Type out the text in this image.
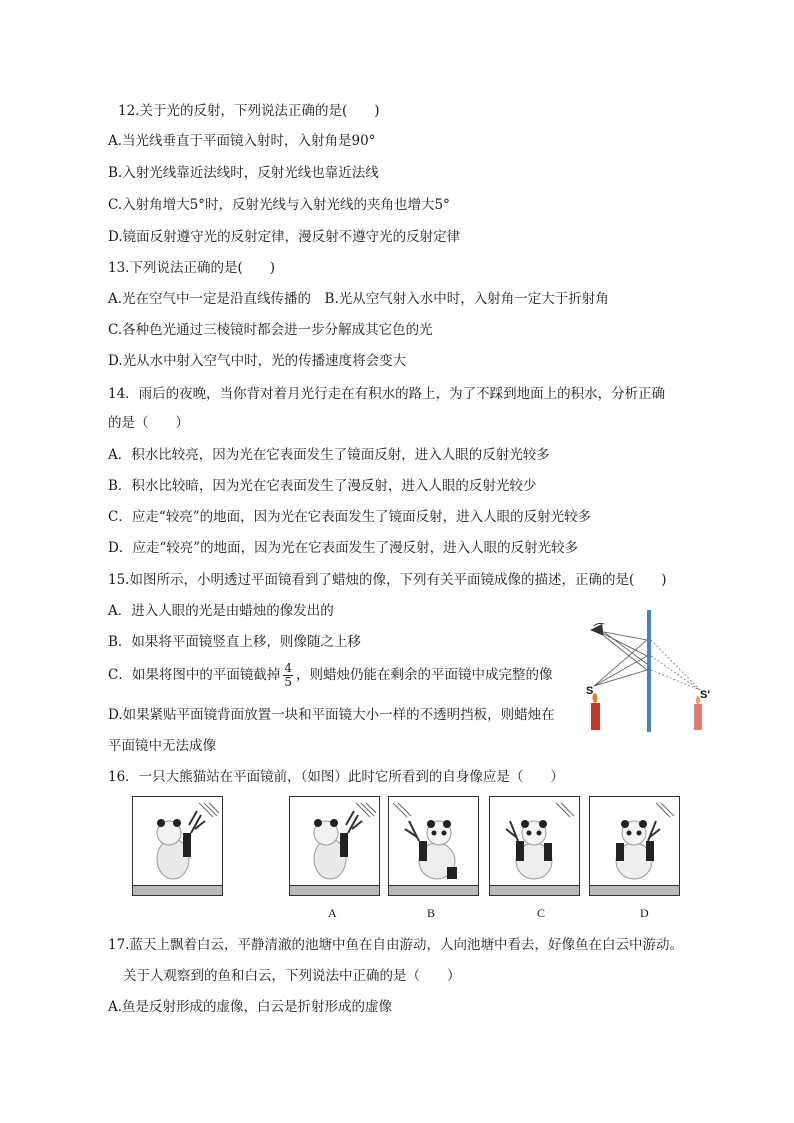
12.关于光的反射，下列说法正确的是(　　)
A.当光线垂直于平面镜入射时，入射角是90°
B.入射光线靠近法线时，反射光线也靠近法线
C.入射角增大5°时，反射光线与入射光线的夹角也增大5°
D.镜面反射遵守光的反射定律，漫反射不遵守光的反射定律
13.下列说法正确的是(　　)
A.光在空气中一定是沿直线传播的　B.光从空气射入水中时，入射角一定大于折射角
C.各种色光通过三棱镜时都会进一步分解成其它色的光
D.光从水中射入空气中时，光的传播速度将会变大
14．雨后的夜晚，当你背对着月光行走在有积水的路上，为了不踩到地面上的积水，分析正确
的是（　　）
A．积水比较亮，因为光在它表面发生了镜面反射，进入人眼的反射光较多
B．积水比较暗，因为光在它表面发生了漫反射，进入人眼的反射光较少
C．应走“较亮”的地面，因为光在它表面发生了镜面反射，进入人眼的反射光较多
D．应走“较亮”的地面，因为光在它表面发生了漫反射，进入人眼的反射光较多
15.如图所示，小明透过平面镜看到了蜡烛的像，下列有关平面镜成像的描述，正确的是(　　)
A．进入人眼的光是由蜡烛的像发出的
B．如果将平面镜竖直上移，则像随之上移
C．如果将图中的平面镜截掉 $\frac{4}{5}$ ，则蜡烛仍能在剩余的平面镜中成完整的像
D.如果紧贴平面镜背面放置一块和平面镜大小一样的不透明挡板，则蜡烛在
平面镜中无法成像
S	S′
16．一只大熊猫站在平面镜前，（如图）此时它所看到的自身像应是（　　）
A	B	C	D
17.蓝天上飘着白云，平静清澈的池塘中鱼在自由游动，人向池塘中看去，好像鱼在白云中游动。
关于人观察到的鱼和白云，下列说法中正确的是（　　）
A.鱼是反射形成的虚像，白云是折射形成的虚像
